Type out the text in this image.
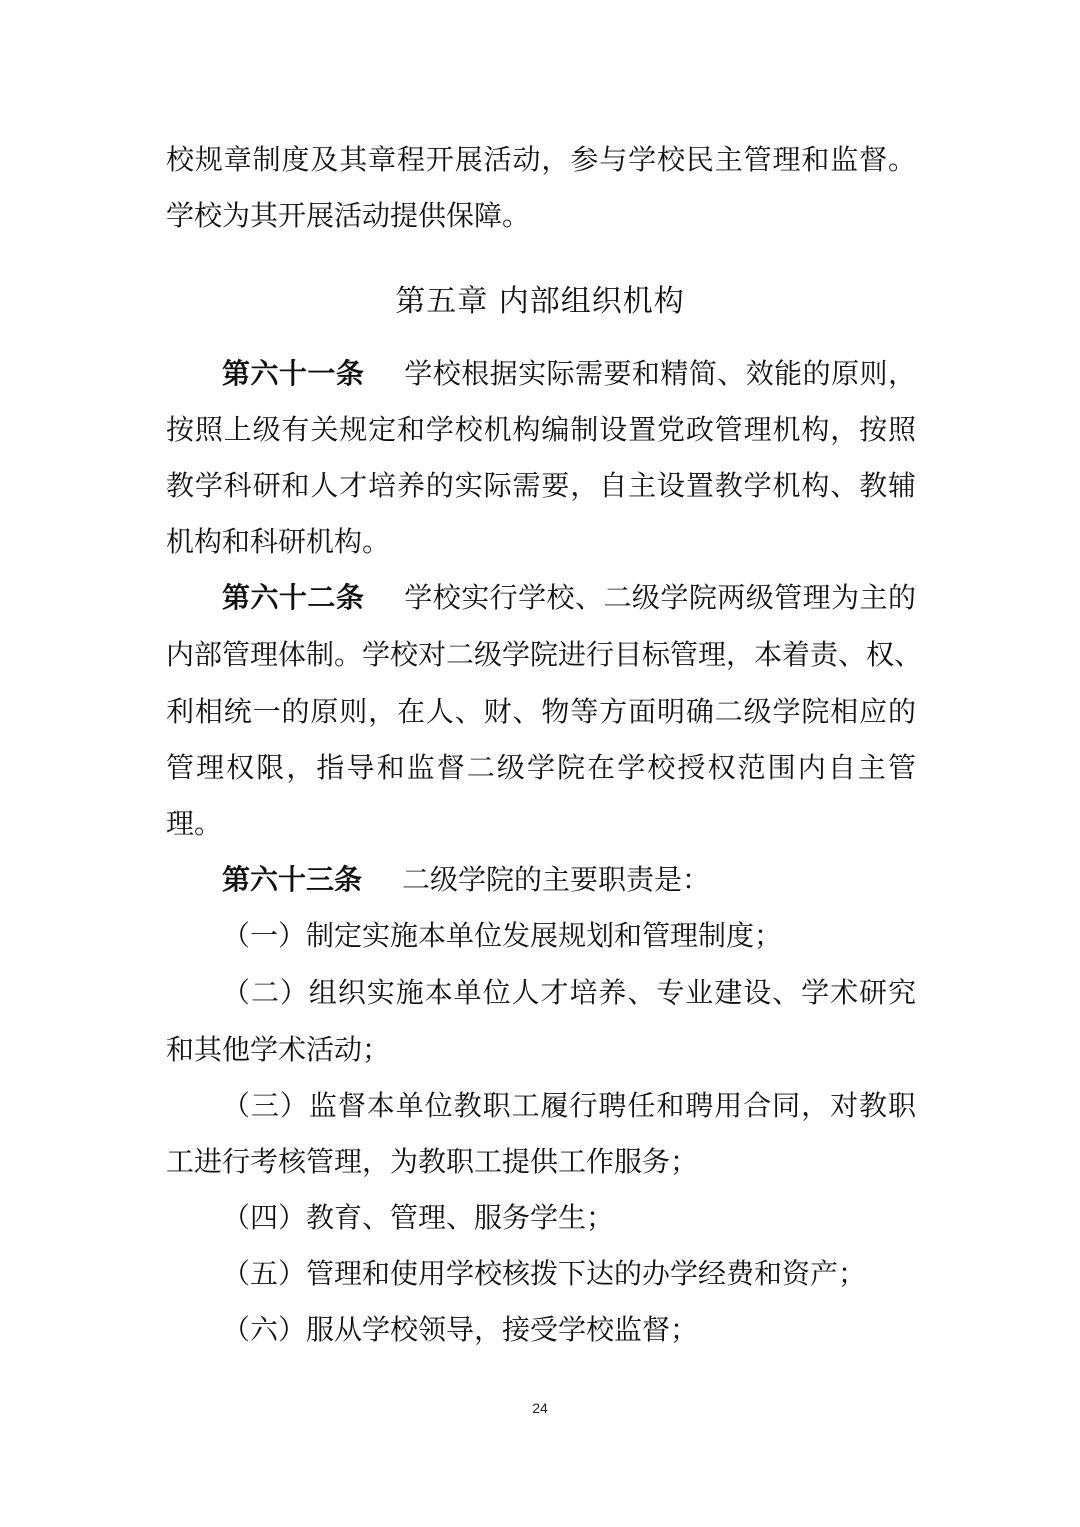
校规章制度及其章程开展活动，参与学校民主管理和监督。
学校为其开展活动提供保障。
第五章 内部组织机构
第六十一条 学校根据实际需要和精简、效能的原则，
按照上级有关规定和学校机构编制设置党政管理机构，按照
教学科研和人才培养的实际需要，自主设置教学机构、教辅
机构和科研机构。
第六十二条 学校实行学校、二级学院两级管理为主的
内部管理体制。学校对二级学院进行目标管理，本着责、权、
利相统一的原则，在人、财、物等方面明确二级学院相应的
管理权限，指导和监督二级学院在学校授权范围内自主管
理。
第六十三条 二级学院的主要职责是：
（一）制定实施本单位发展规划和管理制度；
（二）组织实施本单位人才培养、专业建设、学术研究
和其他学术活动；
（三）监督本单位教职工履行聘任和聘用合同，对教职
工进行考核管理，为教职工提供工作服务；
（四）教育、管理、服务学生；
（五）管理和使用学校核拨下达的办学经费和资产；
（六）服从学校领导，接受学校监督；
24
